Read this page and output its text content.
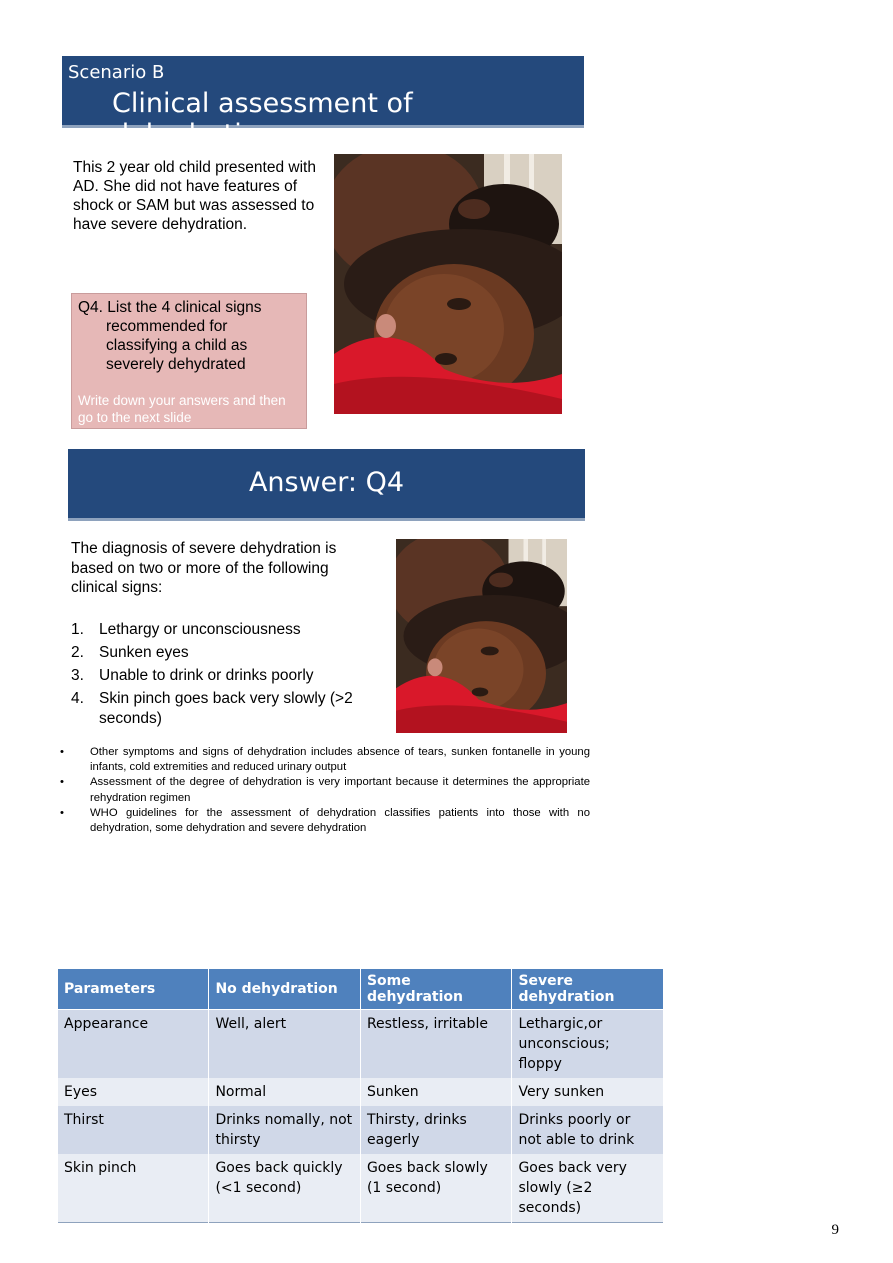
Scenario B
Clinical assessment of dehydration
This 2 year old child presented with AD. She did not have features of shock or SAM but was assessed to have severe dehydration.
Q4. List the 4 clinical signs
recommended for classifying a child as severely dehydrated
Write down your answers and then go to the next slide
Answer: Q4
The diagnosis of severe dehydration is based on two or more of the following clinical signs:
1. Lethargy or unconsciousness
2. Sunken eyes
3. Unable to drink or drinks poorly
4. Skin pinch goes back very slowly (>2 seconds)
• Other symptoms and signs of dehydration includes absence of tears, sunken fontanelle in young infants, cold extremities and reduced urinary output
• Assessment of the degree of dehydration is very important because it determines the appropriate rehydration regimen
• WHO guidelines for the assessment of dehydration classifies patients into those with no dehydration, some dehydration and severe dehydration
Parameters	No dehydration	Some dehydration	Severe dehydration
Appearance	Well, alert	Restless, irritable	Lethargic,or unconscious; floppy
Eyes	Normal	Sunken	Very sunken
Thirst	Drinks nomally, not thirsty	Thirsty, drinks eagerly	Drinks poorly or not able to drink
Skin pinch	Goes back quickly (<1 second)	Goes back slowly (1 second)	Goes back very slowly (≥2 seconds)
9
